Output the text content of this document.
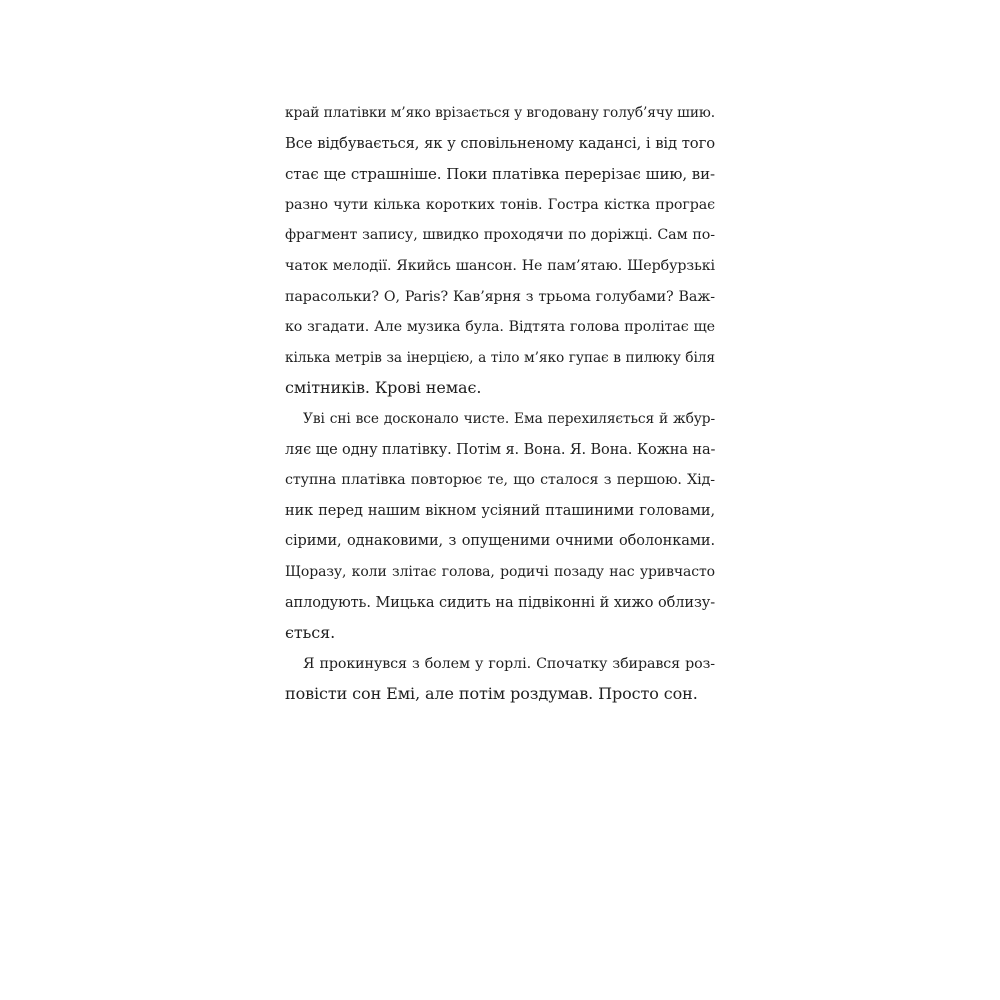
край платівки м’яко врізається у вгодовану голуб’ячу шию.
Все відбувається, як у сповільненому кадансі, і від того
стає ще страшніше. Поки платівка перерізає шию, ви-
разно чути кілька коротких тонів. Гостра кістка програє
фрагмент запису, швидко проходячи по доріжці. Сам по-
чаток мелодії. Якийсь шансон. Не пам’ятаю. Шербурзькі
парасольки? О, Paris? Кав’ярня з трьома голубами? Важ-
ко згадати. Але музика була. Відтята голова пролітає ще
кілька метрів за інерцією, а тіло м’яко гупає в пилюку біля
смітників. Крові немає.
Уві сні все досконало чисте. Ема перехиляється й жбур-
ляє ще одну платівку. Потім я. Вона. Я. Вона. Кожна на-
ступна платівка повторює те, що сталося з першою. Хід-
ник перед нашим вікном усіяний пташиними головами,
сірими, однаковими, з опущеними очними оболонками.
Щоразу, коли злітає голова, родичі позаду нас уривчасто
аплодують. Мицька сидить на підвіконні й хижо облизу-
ється.
Я прокинувся з болем у горлі. Спочатку збирався роз-
повісти сон Емі, але потім роздумав. Просто сон.
